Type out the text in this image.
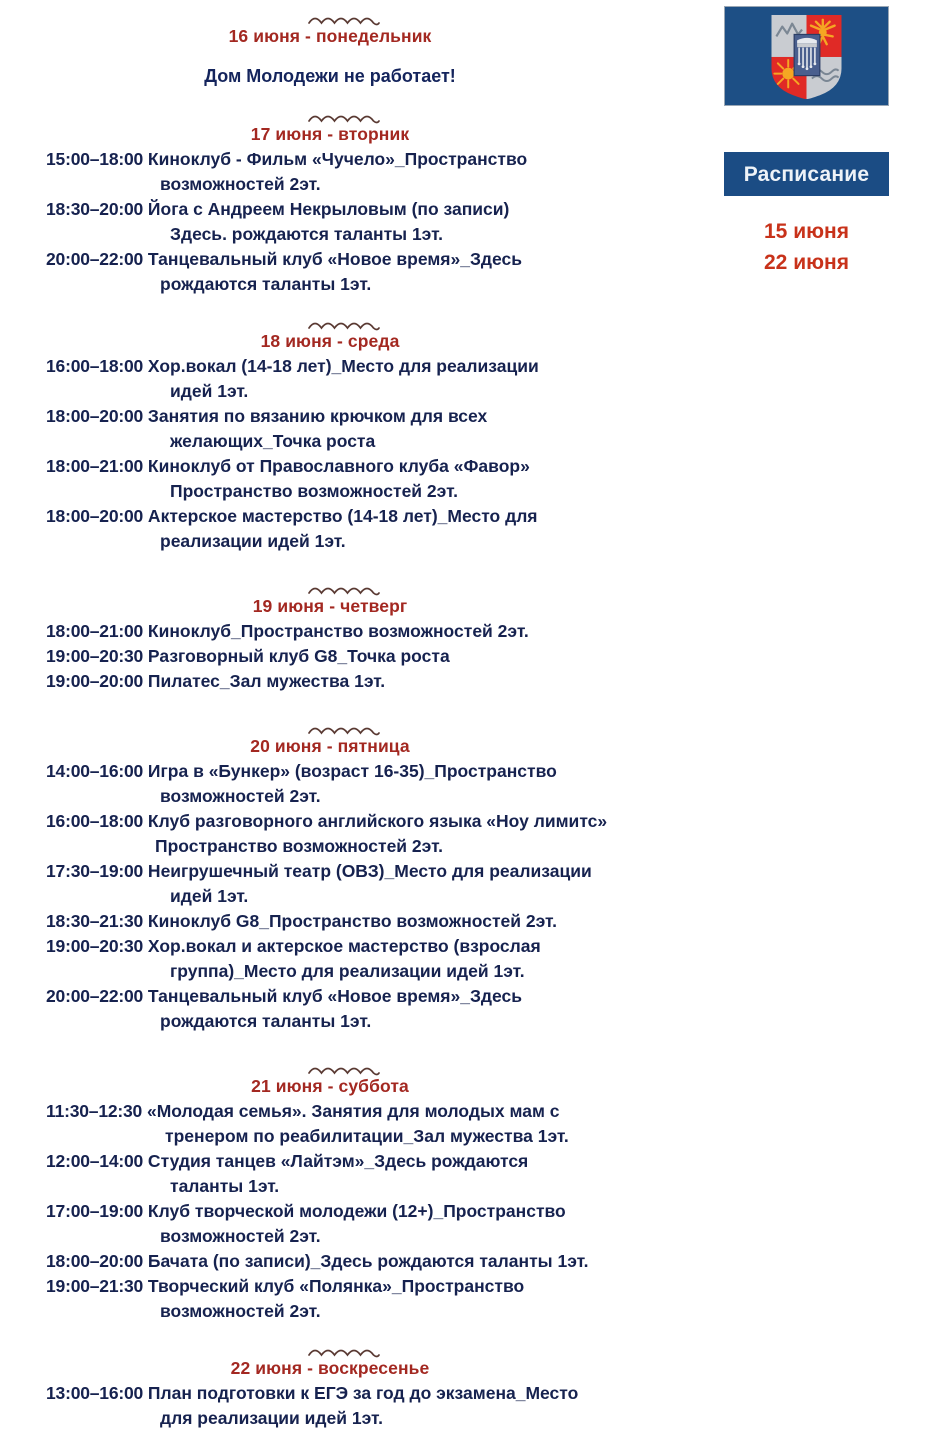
16 июня - понедельник
Дом Молодежи не работает!
17 июня - вторник
15:00–18:00 Киноклуб - Фильм «Чучело»_Пространство
возможностей 2эт.
18:30–20:00 Йога с Андреем Некрыловым (по записи)
Здесь. рождаются таланты 1эт.
20:00–22:00 Танцевальный клуб «Новое время»_Здесь
рождаются таланты 1эт.
18 июня - среда
16:00–18:00 Хор.вокал (14-18 лет)_Место для реализации
идей 1эт.
18:00–20:00 Занятия по вязанию крючком для всех
желающих_Точка роста
18:00–21:00 Киноклуб от Православного клуба «Фавор»
Пространство возможностей 2эт.
18:00–20:00 Актерское мастерство (14-18 лет)_Место для
реализации идей 1эт.
19 июня - четверг
18:00–21:00 Киноклуб_Пространство возможностей 2эт.
19:00–20:30 Разговорный клуб G8_Точка роста
19:00–20:00 Пилатес_Зал мужества 1эт.
20 июня - пятница
14:00–16:00 Игра в «Бункер» (возраст 16-35)_Пространство
возможностей 2эт.
16:00–18:00 Клуб разговорного английского языка «Ноу лимитс»
Пространство возможностей 2эт.
17:30–19:00 Неигрушечный театр (ОВЗ)_Место для реализации
идей 1эт.
18:30–21:30 Киноклуб G8_Пространство возможностей 2эт.
19:00–20:30 Хор.вокал и актерское мастерство (взрослая
группа)_Место для реализации идей 1эт.
20:00–22:00 Танцевальный клуб «Новое время»_Здесь
рождаются таланты 1эт.
21 июня - суббота
11:30–12:30 «Молодая семья». Занятия для молодых мам с
тренером по реабилитации_Зал мужества 1эт.
12:00–14:00 Студия танцев «Лайтэм»_Здесь рождаются
таланты 1эт.
17:00–19:00 Клуб творческой молодежи (12+)_Пространство
возможностей 2эт.
18:00–20:00 Бачата (по записи)_Здесь рождаются таланты 1эт.
19:00–21:30 Творческий клуб «Полянка»_Пространство
возможностей 2эт.
22 июня - воскресенье
13:00–16:00 План подготовки к ЕГЭ за год до экзамена_Место
для реализации идей 1эт.
Расписание
15 июня
22 июня
